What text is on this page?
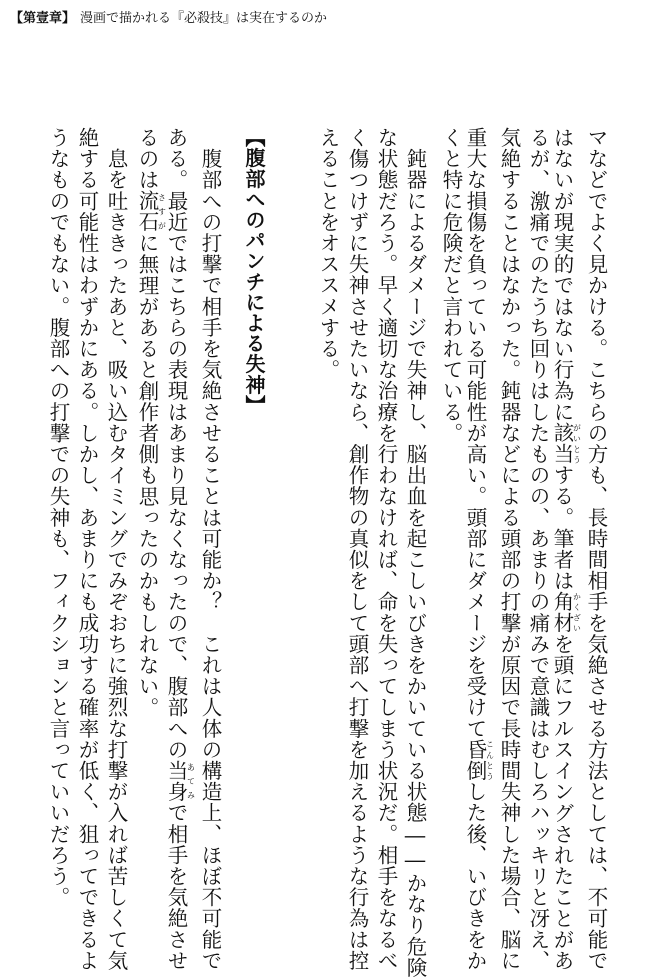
【第壹章】 漫画で描かれる『必殺技』は実在するのか
マなどでよく見かける。こちらの方も、長時間相手を気絶させる方法としては、不可能で
はないが現実的ではない行為に該当がいとうする。筆者は角材かくざいを頭にフルスイングされたことがあ
るが、激痛でのたうち回りはしたものの、あまりの痛みで意識はむしろハッキリと冴え、
気絶することはなかった。鈍器などによる頭部の打撃が原因で長時間失神した場合、脳に
重大な損傷を負っている可能性が高い。頭部にダメージを受けて昏倒こんとうした後、いびきをか
くと特に危険だと言われている。
　鈍器によるダメージで失神し、脳出血を起こしいびきをかいている状態――かなり危険
な状態だろう。早く適切な治療を行わなければ、命を失ってしまう状況だ。相手をなるべ
く傷つけずに失神させたいなら、創作物の真似をして頭部へ打撃を加えるような行為は控
えることをオススメする。
【腹部へのパンチによる失神】
　腹部への打撃で相手を気絶させることは可能か？　これは人体の構造上、ほぼ不可能で
ある。最近ではこちらの表現はあまり見なくなったので、腹部への当身あてみで相手を気絶させ
るのは流石さすがに無理があると創作者側も思ったのかもしれない。
　息を吐ききったあと、吸い込むタイミングでみぞおちに強烈な打撃が入れば苦しくて気
絶する可能性はわずかにある。しかし、あまりにも成功する確率が低く、狙ってできるよ
うなものでもない。腹部への打撃での失神も、フィクションと言っていいだろう。
